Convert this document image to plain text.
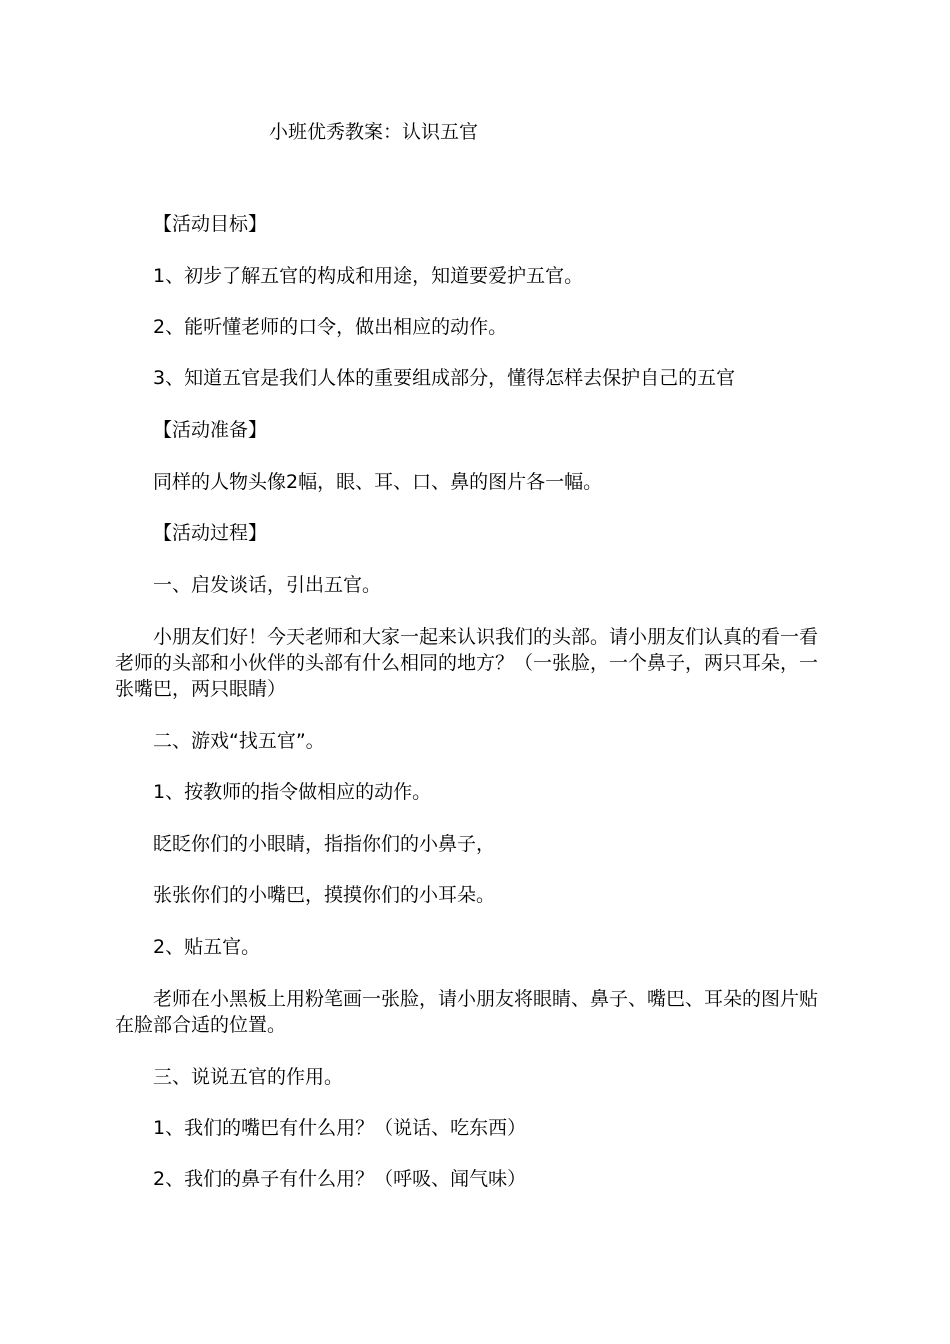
小班优秀教案：认识五官
【活动目标】
1、初步了解五官的构成和用途，知道要爱护五官。
2、能听懂老师的口令，做出相应的动作。
3、知道五官是我们人体的重要组成部分，懂得怎样去保护自己的五官
【活动准备】
同样的人物头像2幅，眼、耳、口、鼻的图片各一幅。
【活动过程】
一、启发谈话，引出五官。
小朋友们好！今天老师和大家一起来认识我们的头部。请小朋友们认真的看一看老师的头部和小伙伴的头部有什么相同的地方？（一张脸，一个鼻子，两只耳朵，一张嘴巴，两只眼睛）
二、游戏“找五官”。
1、按教师的指令做相应的动作。
眨眨你们的小眼睛，指指你们的小鼻子，
张张你们的小嘴巴，摸摸你们的小耳朵。
2、贴五官。
老师在小黑板上用粉笔画一张脸，请小朋友将眼睛、鼻子、嘴巴、耳朵的图片贴在脸部合适的位置。
三、说说五官的作用。
1、我们的嘴巴有什么用？（说话、吃东西）
2、我们的鼻子有什么用？（呼吸、闻气味）
